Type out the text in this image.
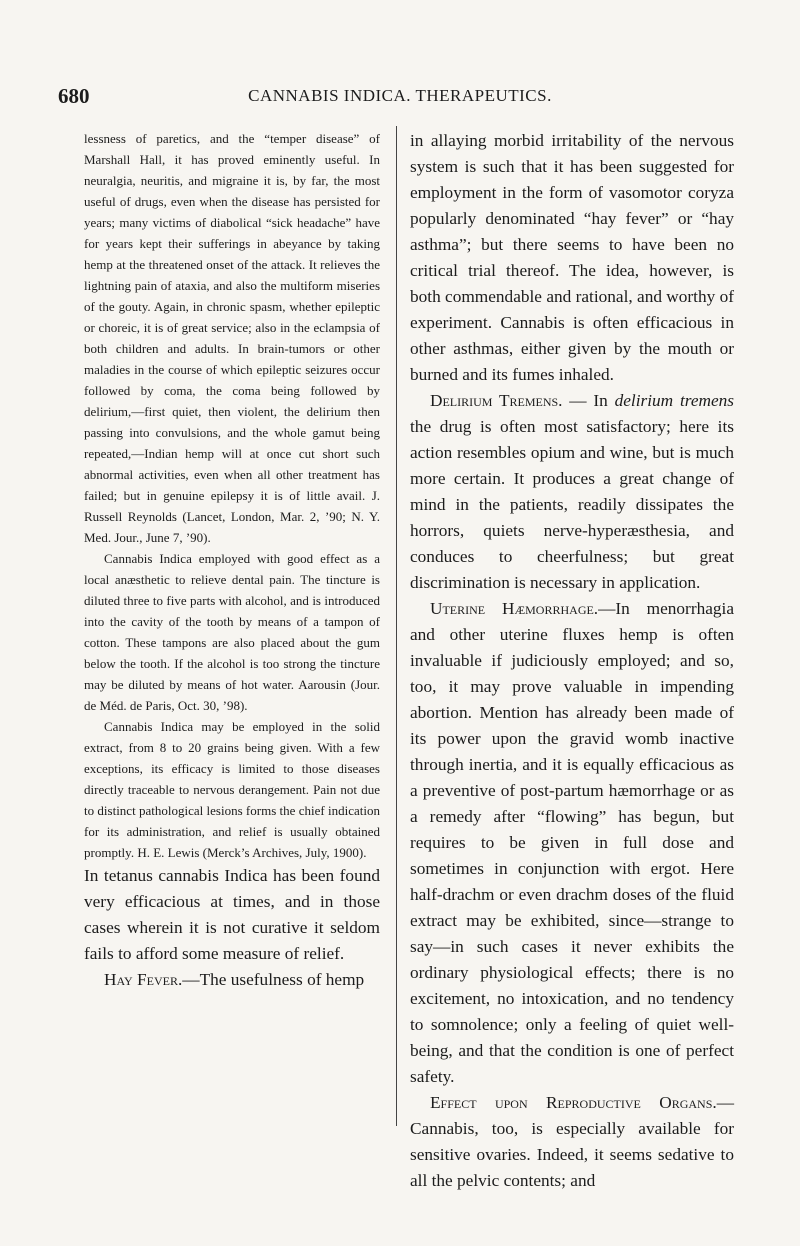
680	CANNABIS INDICA. THERAPEUTICS.

lessness of paretics, and the “temper disease” of Marshall Hall, it has proved eminently useful. In neuralgia, neuritis, and migraine it is, by far, the most useful of drugs, even when the disease has persisted for years; many victims of diabolical “sick headache” have for years kept their sufferings in abeyance by taking hemp at the threatened onset of the attack. It relieves the lightning pain of ataxia, and also the multiform miseries of the gouty. Again, in chronic spasm, whether epileptic or choreic, it is of great service; also in the eclampsia of both children and adults. In brain-tumors or other maladies in the course of which epileptic seizures occur followed by coma, the coma being followed by delirium,—first quiet, then violent, the delirium then passing into convulsions, and the whole gamut being repeated,—Indian hemp will at once cut short such abnormal activities, even when all other treatment has failed; but in genuine epilepsy it is of little avail. J. Russell Reynolds (Lancet, London, Mar. 2, ’90; N. Y. Med. Jour., June 7, ’90).

Cannabis Indica employed with good effect as a local anæsthetic to relieve dental pain. The tincture is diluted three to five parts with alcohol, and is introduced into the cavity of the tooth by means of a tampon of cotton. These tampons are also placed about the gum below the tooth. If the alcohol is too strong the tincture may be diluted by means of hot water. Aarousin (Jour. de Méd. de Paris, Oct. 30, ’98).

Cannabis Indica may be employed in the solid extract, from 8 to 20 grains being given. With a few exceptions, its efficacy is limited to those diseases directly traceable to nervous derangement. Pain not due to distinct pathological lesions forms the chief indication for its administration, and relief is usually obtained promptly. H. E. Lewis (Merck’s Archives, July, 1900).

In tetanus cannabis Indica has been found very efficacious at times, and in those cases wherein it is not curative it seldom fails to afford some measure of relief.

Hay Fever.—The usefulness of hemp

in allaying morbid irritability of the nervous system is such that it has been suggested for employment in the form of vasomotor coryza popularly denominated “hay fever” or “hay asthma”; but there seems to have been no critical trial thereof. The idea, however, is both commendable and rational, and worthy of experiment. Cannabis is often efficacious in other asthmas, either given by the mouth or burned and its fumes inhaled.

Delirium Tremens. — In delirium tremens the drug is often most satisfactory; here its action resembles opium and wine, but is much more certain. It produces a great change of mind in the patients, readily dissipates the horrors, quiets nerve-hyperæsthesia, and conduces to cheerfulness; but great discrimination is necessary in application.

Uterine Hæmorrhage.—In menorrhagia and other uterine fluxes hemp is often invaluable if judiciously employed; and so, too, it may prove valuable in impending abortion. Mention has already been made of its power upon the gravid womb inactive through inertia, and it is equally efficacious as a preventive of post-partum hæmorrhage or as a remedy after “flowing” has begun, but requires to be given in full dose and sometimes in conjunction with ergot. Here half-drachm or even drachm doses of the fluid extract may be exhibited, since—strange to say—in such cases it never exhibits the ordinary physiological effects; there is no excitement, no intoxication, and no tendency to somnolence; only a feeling of quiet well-being, and that the condition is one of perfect safety.

Effect upon Reproductive Organs.—Cannabis, too, is especially available for sensitive ovaries. Indeed, it seems sedative to all the pelvic contents; and
